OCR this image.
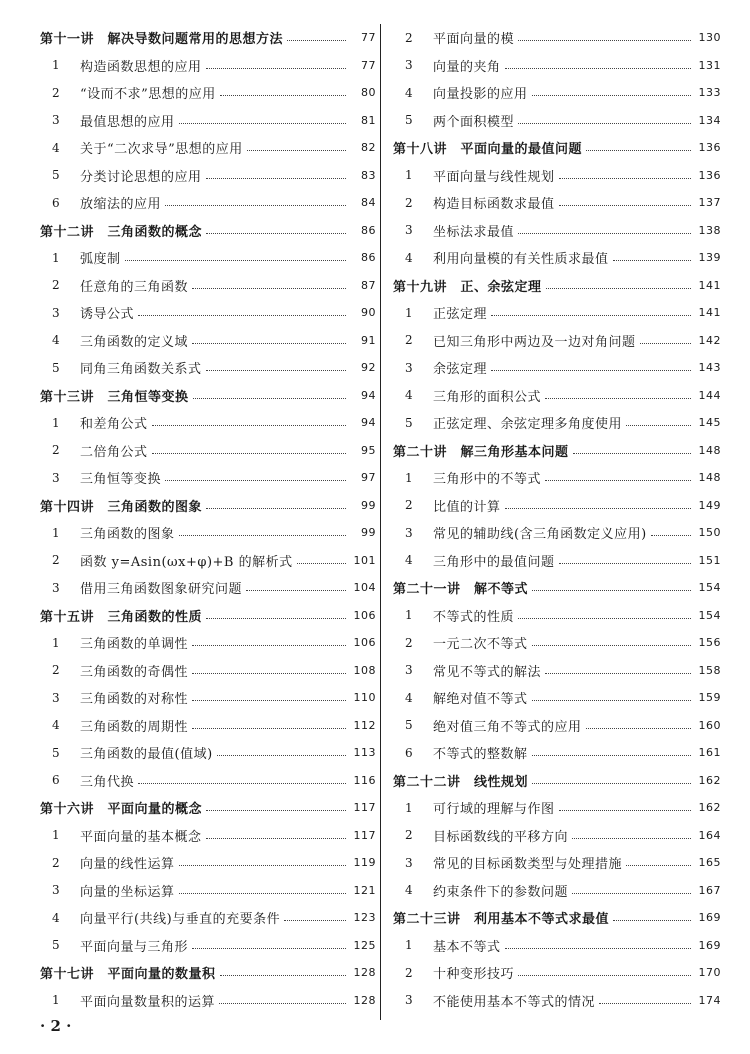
第十一讲　解决导数问题常用的思想方法	77
1	构造函数思想的应用	77
2	“设而不求”思想的应用	80
3	最值思想的应用	81
4	关于“二次求导”思想的应用	82
5	分类讨论思想的应用	83
6	放缩法的应用	84
第十二讲　三角函数的概念	86
1	弧度制	86
2	任意角的三角函数	87
3	诱导公式	90
4	三角函数的定义域	91
5	同角三角函数关系式	92
第十三讲　三角恒等变换	94
1	和差角公式	94
2	二倍角公式	95
3	三角恒等变换	97
第十四讲　三角函数的图象	99
1	三角函数的图象	99
2	函数 y=Asin(ωx+φ)+B 的解析式	101
3	借用三角函数图象研究问题	104
第十五讲　三角函数的性质	106
1	三角函数的单调性	106
2	三角函数的奇偶性	108
3	三角函数的对称性	110
4	三角函数的周期性	112
5	三角函数的最值(值域)	113
6	三角代换	116
第十六讲　平面向量的概念	117
1	平面向量的基本概念	117
2	向量的线性运算	119
3	向量的坐标运算	121
4	向量平行(共线)与垂直的充要条件	123
5	平面向量与三角形	125
第十七讲　平面向量的数量积	128
1	平面向量数量积的运算	128
2	平面向量的模	130
3	向量的夹角	131
4	向量投影的应用	133
5	两个面积模型	134
第十八讲　平面向量的最值问题	136
1	平面向量与线性规划	136
2	构造目标函数求最值	137
3	坐标法求最值	138
4	利用向量模的有关性质求最值	139
第十九讲　正、余弦定理	141
1	正弦定理	141
2	已知三角形中两边及一边对角问题	142
3	余弦定理	143
4	三角形的面积公式	144
5	正弦定理、余弦定理多角度使用	145
第二十讲　解三角形基本问题	148
1	三角形中的不等式	148
2	比值的计算	149
3	常见的辅助线(含三角函数定义应用)	150
4	三角形中的最值问题	151
第二十一讲　解不等式	154
1	不等式的性质	154
2	一元二次不等式	156
3	常见不等式的解法	158
4	解绝对值不等式	159
5	绝对值三角不等式的应用	160
6	不等式的整数解	161
第二十二讲　线性规划	162
1	可行域的理解与作图	162
2	目标函数线的平移方向	164
3	常见的目标函数类型与处理措施	165
4	约束条件下的参数问题	167
第二十三讲　利用基本不等式求最值	169
1	基本不等式	169
2	十种变形技巧	170
3	不能使用基本不等式的情况	174
· 2 ·
